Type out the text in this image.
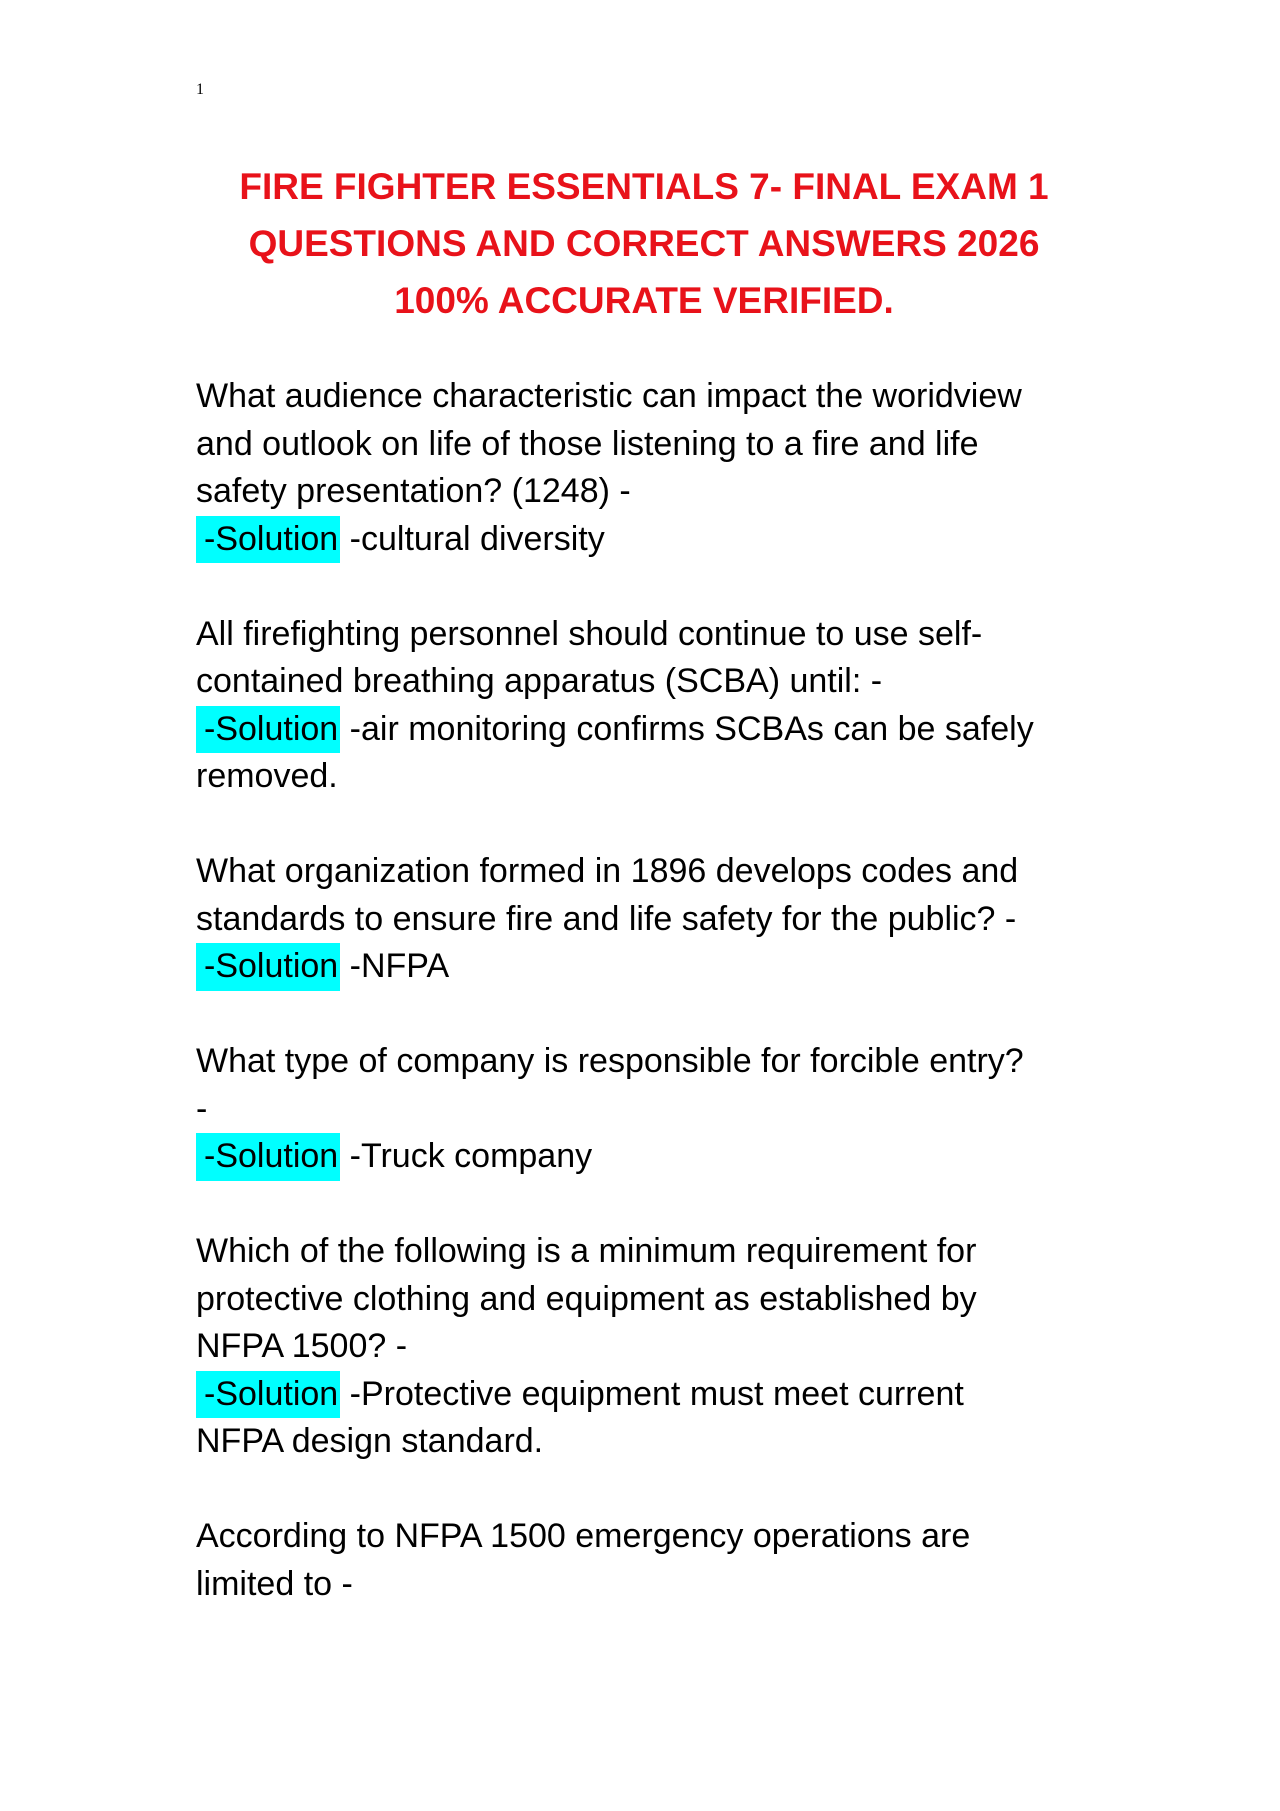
1
FIRE FIGHTER ESSENTIALS 7- FINAL EXAM 1
QUESTIONS AND CORRECT ANSWERS 2026
100% ACCURATE VERIFIED.

What audience characteristic can impact the woridview

and outlook on life of those listening to a fire and life

safety presentation? (1248) -

-Solution -cultural diversity

All firefighting personnel should continue to use self-

contained breathing apparatus (SCBA) until: -

-Solution -air monitoring confirms SCBAs can be safely

removed.

What organization formed in 1896 develops codes and

standards to ensure fire and life safety for the public? -

-Solution -NFPA

What type of company is responsible for forcible entry?

-

-Solution -Truck company

Which of the following is a minimum requirement for

protective clothing and equipment as established by

NFPA 1500? -

-Solution -Protective equipment must meet current

NFPA design standard.

According to NFPA 1500 emergency operations are

limited to -
